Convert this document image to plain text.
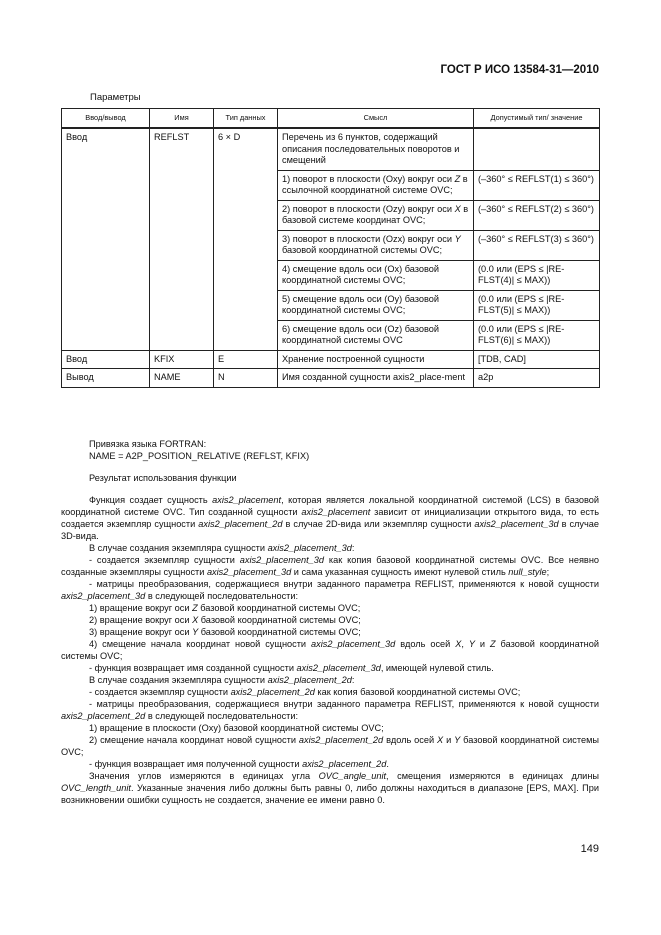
ГОСТ Р ИСО 13584-31—2010
Параметры
Ввод/вывод	Имя	Тип данных	Смысл	Допустимый тип/ значение

Ввод	REFLST	6 × D	Перечень из 6 пунктов, содержащий описания последовательных поворотов и смещений	
			1) поворот в плоскости (Oxy) вокруг оси Z в ссылочной координатной системе OVC;	(–360° ≤ REFLST(1) ≤ 360°)
			2) поворот в плоскости (Ozy) вокруг оси X в базовой системе координат OVC;	(–360° ≤ REFLST(2) ≤ 360°)
			3) поворот в плоскости (Ozx) вокруг оси Y базовой координатной системы OVC;	(–360° ≤ REFLST(3) ≤ 360°)
			4) смещение вдоль оси (Ox) базовой координатной системы OVC;	(0.0 или (EPS ≤ |RE-FLST(4)| ≤ MAX))
			5) смещение вдоль оси (Oy) базовой координатной системы OVC;	(0.0 или (EPS ≤ |RE-FLST(5)| ≤ MAX))
			6) смещение вдоль оси (Oz) базовой координатной системы OVC	(0.0 или (EPS ≤ |RE-FLST(6)| ≤ MAX))
Ввод	KFIX	E	Хранение построенной сущности	[TDB, CAD]
Вывод	NAME	N	Имя созданной сущности axis2_place-ment	a2p

Привязка языка FORTRAN:

NAME = A2P_POSITION_RELATIVE (REFLST, KFIX)

Результат использования функции

Функция создает сущность axis2_placement, которая является локальной координатной системой (LCS) в базовой координатной системе OVC. Тип созданной сущности axis2_placement зависит от инициализации открытого вида, то есть создается экземпляр сущности axis2_placement_2d в случае 2D-вида или экземпляр сущности axis2_placement_3d в случае 3D-вида.

В случае создания экземпляра сущности axis2_placement_3d:

- создается экземпляр сущности axis2_placement_3d как копия базовой координатной системы OVC. Все неявно созданные экземпляры сущности axis2_placement_3d и сама указанная сущность имеют нулевой стиль null_style;

- матрицы преобразования, содержащиеся внутри заданного параметра REFLIST, применяются к новой сущности axis2_placement_3d в следующей последовательности:

1) вращение вокруг оси Z базовой координатной системы OVC;

2) вращение вокруг оси X базовой координатной системы OVC;

3) вращение вокруг оси Y базовой координатной системы OVC;

4) смещение начала координат новой сущности axis2_placement_3d вдоль осей X, Y и Z базовой координатной системы OVC;

- функция возвращает имя созданной сущности axis2_placement_3d, имеющей нулевой стиль.

В случае создания экземпляра сущности axis2_placement_2d:

- создается экземпляр сущности axis2_placement_2d как копия базовой координатной системы OVC;

- матрицы преобразования, содержащиеся внутри заданного параметра REFLIST, применяются к новой сущности axis2_placement_2d в следующей последовательности:

1) вращение в плоскости (Oxy) базовой координатной системы OVC;

2) смещение начала координат новой сущности axis2_placement_2d вдоль осей X и Y базовой координатной системы OVC;

- функция возвращает имя полученной сущности axis2_placement_2d.

Значения углов измеряются в единицах угла OVC_angle_unit, смещения измеряются в единицах длины OVC_length_unit. Указанные значения либо должны быть равны 0, либо должны находиться в диапазоне [EPS, MAX]. При возникновении ошибки сущность не создается, значение ее имени равно 0.

149
